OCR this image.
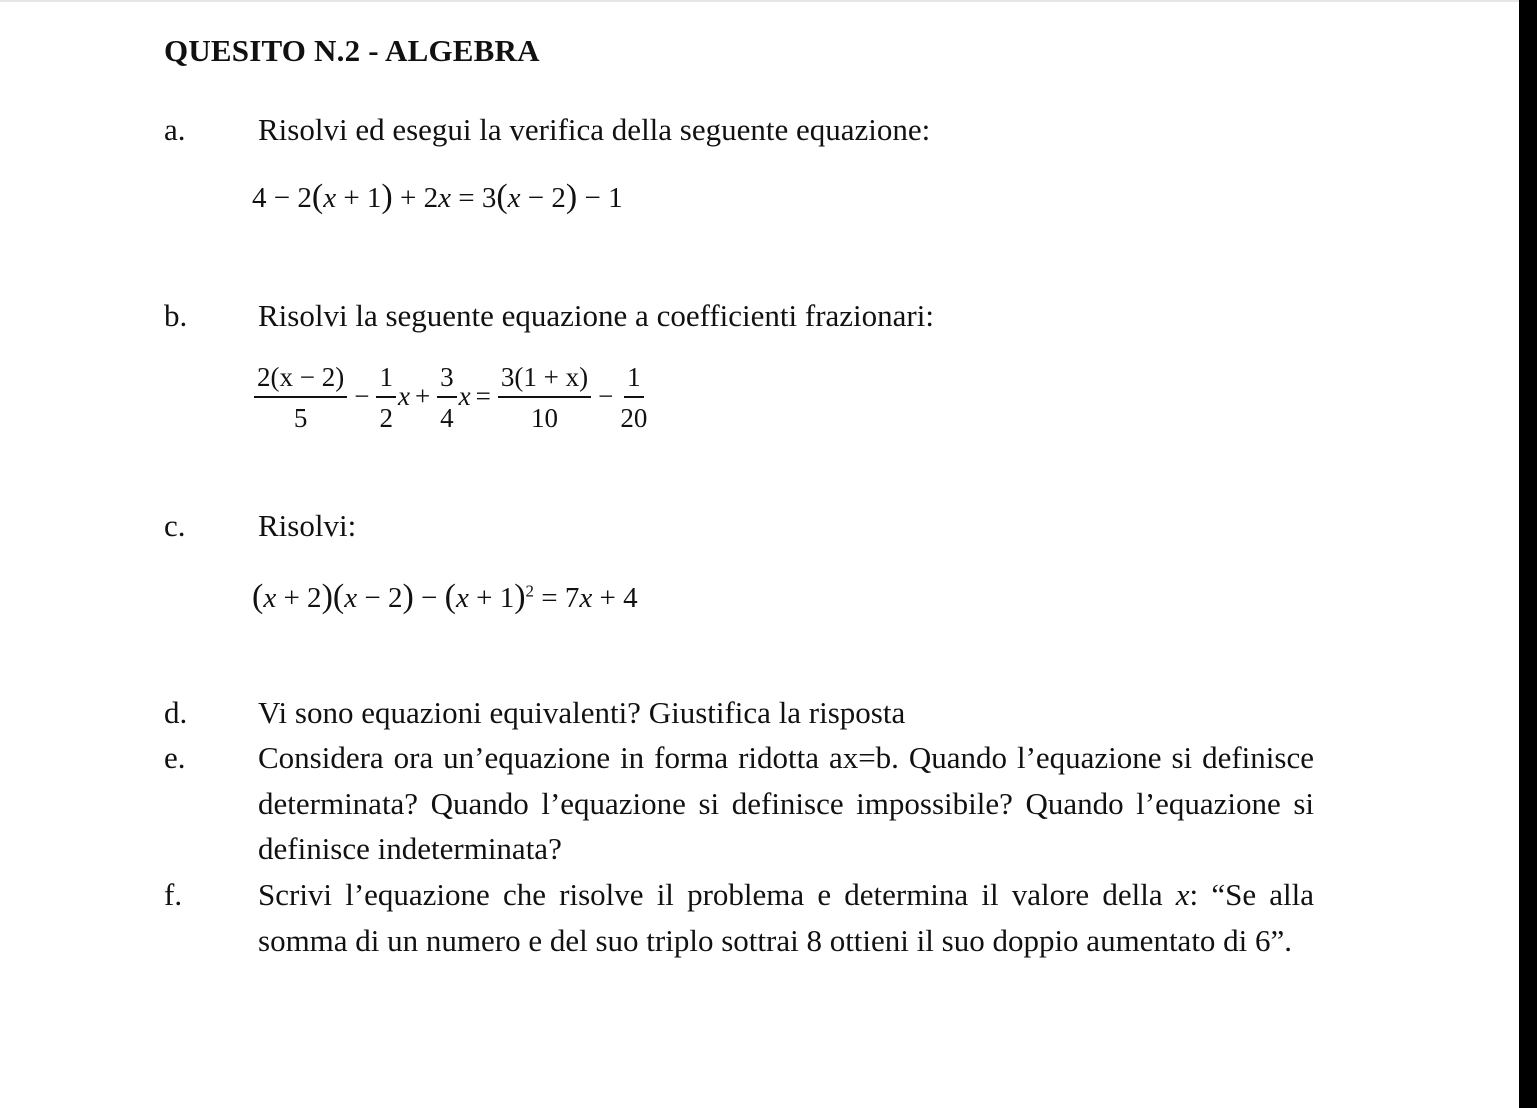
QUESITO N.2 - ALGEBRA
a. Risolvi ed esegui la verifica della seguente equazione:
4 − 2(x + 1) + 2x = 3(x − 2) − 1
b. Risolvi la seguente equazione a coefficienti frazionari:
$\frac{2(x - 2)}{5} - \frac{1}{2}$ $x + \frac{3}{4}$ $x = \frac{3(1 + x)}{10} - \frac{1}{20}$
c. Risolvi:
$(x + 2)(x - 2) - (x + 1)^2 = 7x + 4$
d. Vi sono equazioni equivalenti? Giustifica la risposta
e. Considera ora un’equazione in forma ridotta ax=b. Quando l’equazione si definisce determinata? Quando l’equazione si definisce impossibile? Quando l’equazione si definisce indeterminata?
f. Scrivi l’equazione che risolve il problema e determina il valore della x: “Se alla somma di un numero e del suo triplo sottrai 8 ottieni il suo doppio aumentato di 6”.
